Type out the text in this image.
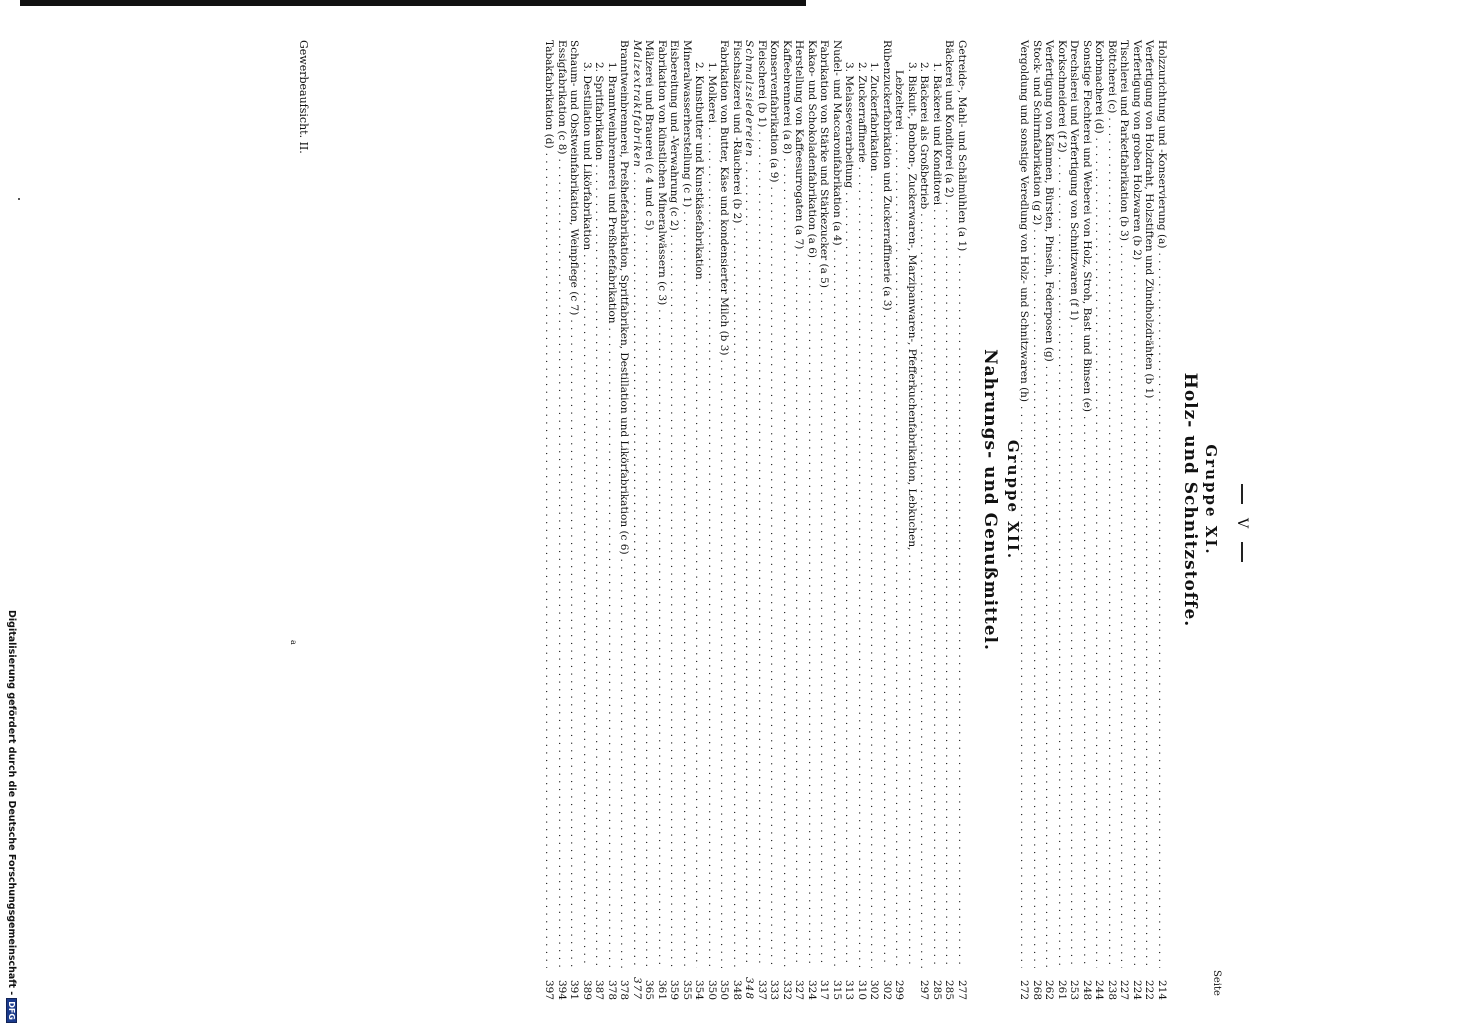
V
Seite
Gruppe XI.
Holz- und Schnitzstoffe.
Holzzurichtung und -Konservierung (a)
. . .
214
Verfertigung von Holzdraht, Holzstiften und Zündholzdrähten (b 1)
. . .
222
Verfertigung von groben Holzwaren (b 2)
. . .
224
Tischlerei und Parketfabrikation (b 3)
. . .
227
Böttcherei (c)
. . .
238
Korbmacherei (d)
. . .
244
Sonstige Flechterei und Weberei von Holz, Stroh, Bast und Binsen (e)
. . .
248
Drechslerei und Verfertigung von Schnitzwaren (f 1)
. . .
253
Korkschneiderei (f 2)
. . .
261
Verfertigung von Kämmen, Bürsten, Pinseln, Federposen (g)
. . .
262
Stock- und Schirmfabrikation (g 2)
. . .
268
Vergoldung und sonstige Veredlung von Holz- und Schnitzwaren (h)
. . .
272
Gruppe XII.
Nahrungs- und Genußmittel.
Getreide-, Mahl- und Schälmühlen (a 1)
. . .
277
Bäckerei und Konditorei (a 2)
. . .
285
1. Bäckerei und Konditorei
. . .
285
2. Bäckerei als Großbetrieb
. . .
297
3. Biskuit-, Bonbon-, Zuckerwaren-, Marzipanwaren-, Pfefferkuchenfabrikation, Lebkuchen,
. . .
Lebzelterei
. . .
299
Rübenzuckerfabrikation und Zuckerraffinerie (a 3)
. . .
302
1. Zuckerfabrikation
. . .
302
2. Zuckerraffinerie
. . .
310
3. Melasseverarbeitung
. . .
313
Nudel- und Maccaronifabrikation (a 4)
. . .
315
Fabrikation von Stärke und Stärkezucker (a 5)
. . .
317
Kakao- und Schokoladenfabrikation (a 6)
. . .
324
Herstellung von Kaffeesurrogaten (a 7)
. . .
327
Kaffeebrennerei (a 8)
. . .
332
Konservenfabrikation (a 9)
. . .
333
Fleischerei (b 1)
. . .
337
Schmalzsiedereien
. . .
348
Fischsalzerei und -Räucherei (b 2)
. . .
348
Fabrikation von Butter, Käse und kondensierter Milch (b 3)
. . .
350
1. Molkerei
. . .
350
2. Kunstbutter und Kunstkäsefabrikation
. . .
354
Mineralwasserherstellung (c 1)
. . .
355
Eisbereitung und -Verwahrung (c 2)
. . .
359
Fabrikation von künstlichen Mineralwässern (c 3)
. . .
361
Mälzerei und Brauerei (c 4 und c 5)
. . .
365
Malzextraktfabriken
. . .
377
Branntweinbrennerei, Preßhefefabrikation, Spritfabriken, Destillation und Likörfabrikation (c 6)
. . .
378
1. Branntweinbrennerei und Preßhefefabrikation
. . .
378
2. Spritfabrikation
. . .
387
3. Destillation und Likörfabrikation
. . .
389
Schaum- und Obstweinfabrikation, Weinpflege (c 7)
. . .
391
Essigfabrikation (c 8)
. . .
394
Tabakfabrikation (d)
. . .
397
Gewerbeaufsicht. II.
a
Digitalisierung gefördert durch die Deutsche Forschungsgemeinschaft -DFG
